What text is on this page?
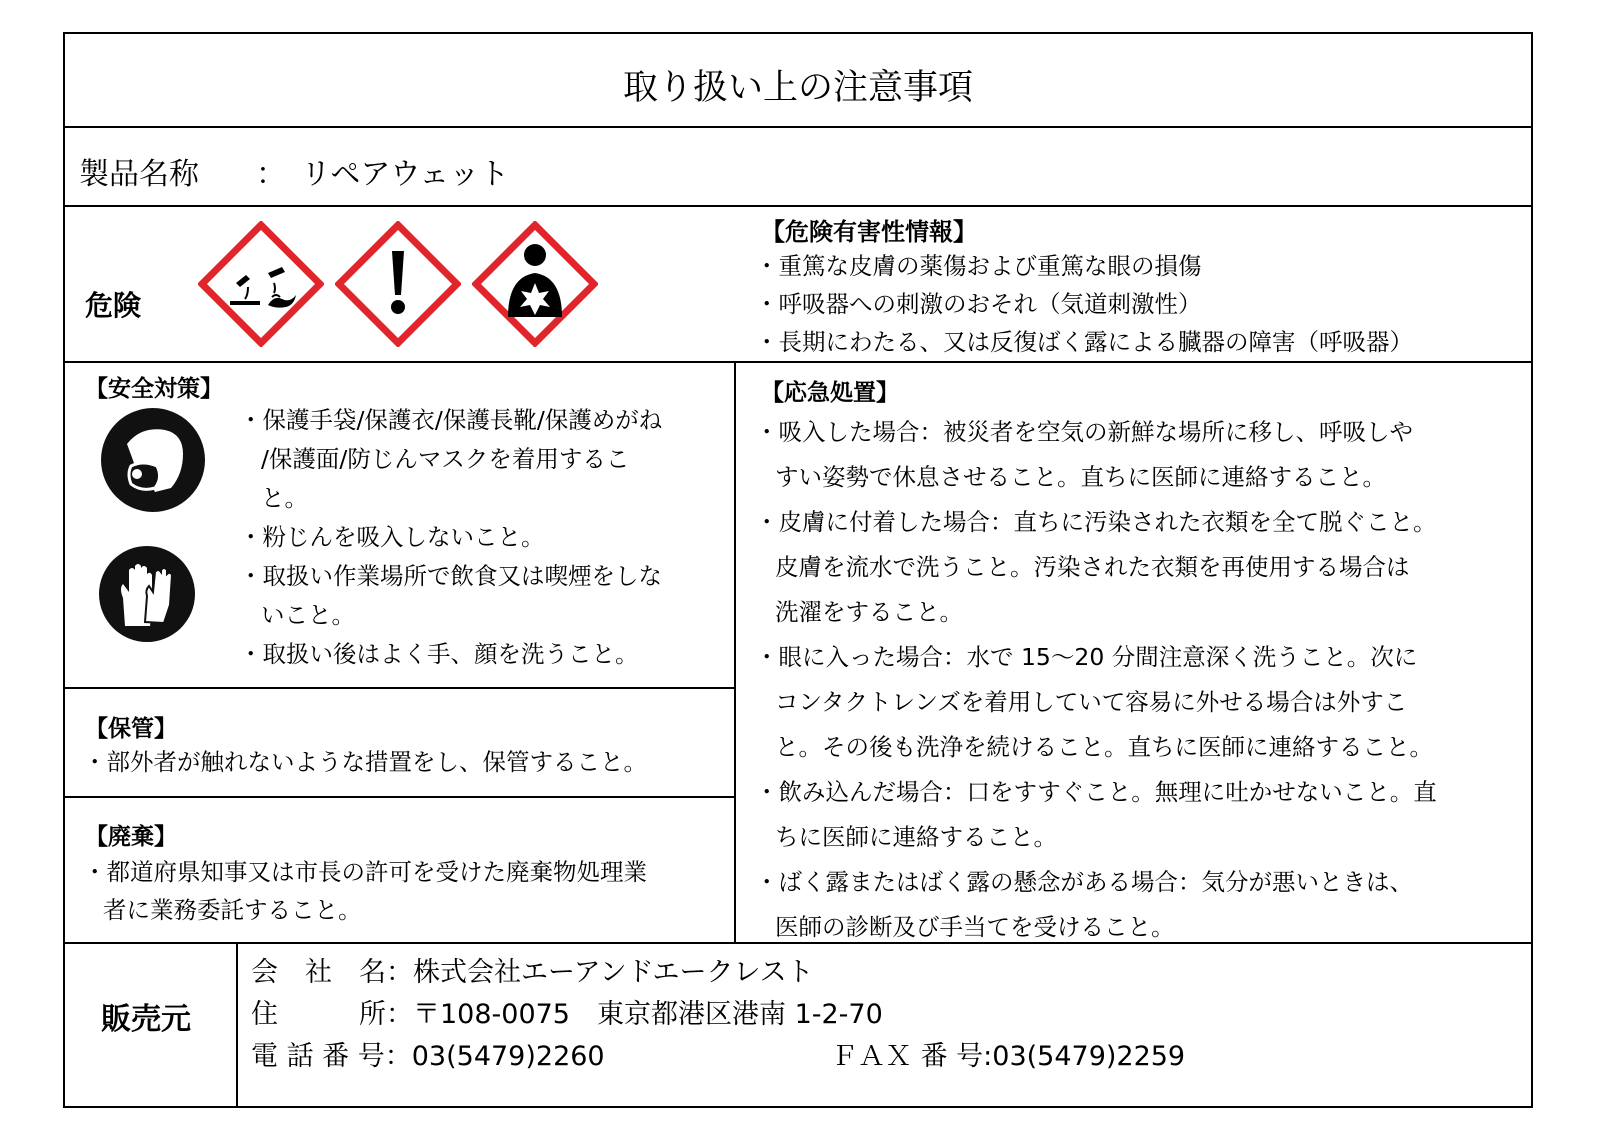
取り扱い上の注意事項
製品名称 ： リペアウェット
危険
【危険有害性情報】
・重篤な皮膚の薬傷および重篤な眼の損傷
・呼吸器への刺激のおそれ（気道刺激性）
・長期にわたる、又は反復ばく露による臓器の障害（呼吸器）
【安全対策】
・保護手袋/保護衣/保護長靴/保護めがね
/保護面/防じんマスクを着用するこ
と。
・粉じんを吸入しないこと。
・取扱い作業場所で飲食又は喫煙をしな
いこと。
・取扱い後はよく手、顔を洗うこと。
【保管】
・部外者が触れないような措置をし、保管すること。
【廃棄】
・都道府県知事又は市長の許可を受けた廃棄物処理業
者に業務委託すること。
【応急処置】
・吸入した場合：被災者を空気の新鮮な場所に移し、呼吸しや
すい姿勢で休息させること。直ちに医師に連絡すること。
・皮膚に付着した場合：直ちに汚染された衣類を全て脱ぐこと。
皮膚を流水で洗うこと。汚染された衣類を再使用する場合は
洗濯をすること。
・眼に入った場合：水で 15～20 分間注意深く洗うこと。次に
コンタクトレンズを着用していて容易に外せる場合は外すこ
と。その後も洗浄を続けること。直ちに医師に連絡すること。
・飲み込んだ場合：口をすすぐこと。無理に吐かせないこと。直
ちに医師に連絡すること。
・ばく露またはばく露の懸念がある場合：気分が悪いときは、
医師の診断及び手当てを受けること。
販売元
会　社　名：株式会社エーアンドエークレスト
住　　　所：〒108-0075　東京都港区港南 1-2-70
電 話 番 号：03(5479)2260	ＦＡＸ 番 号:03(5479)2259
